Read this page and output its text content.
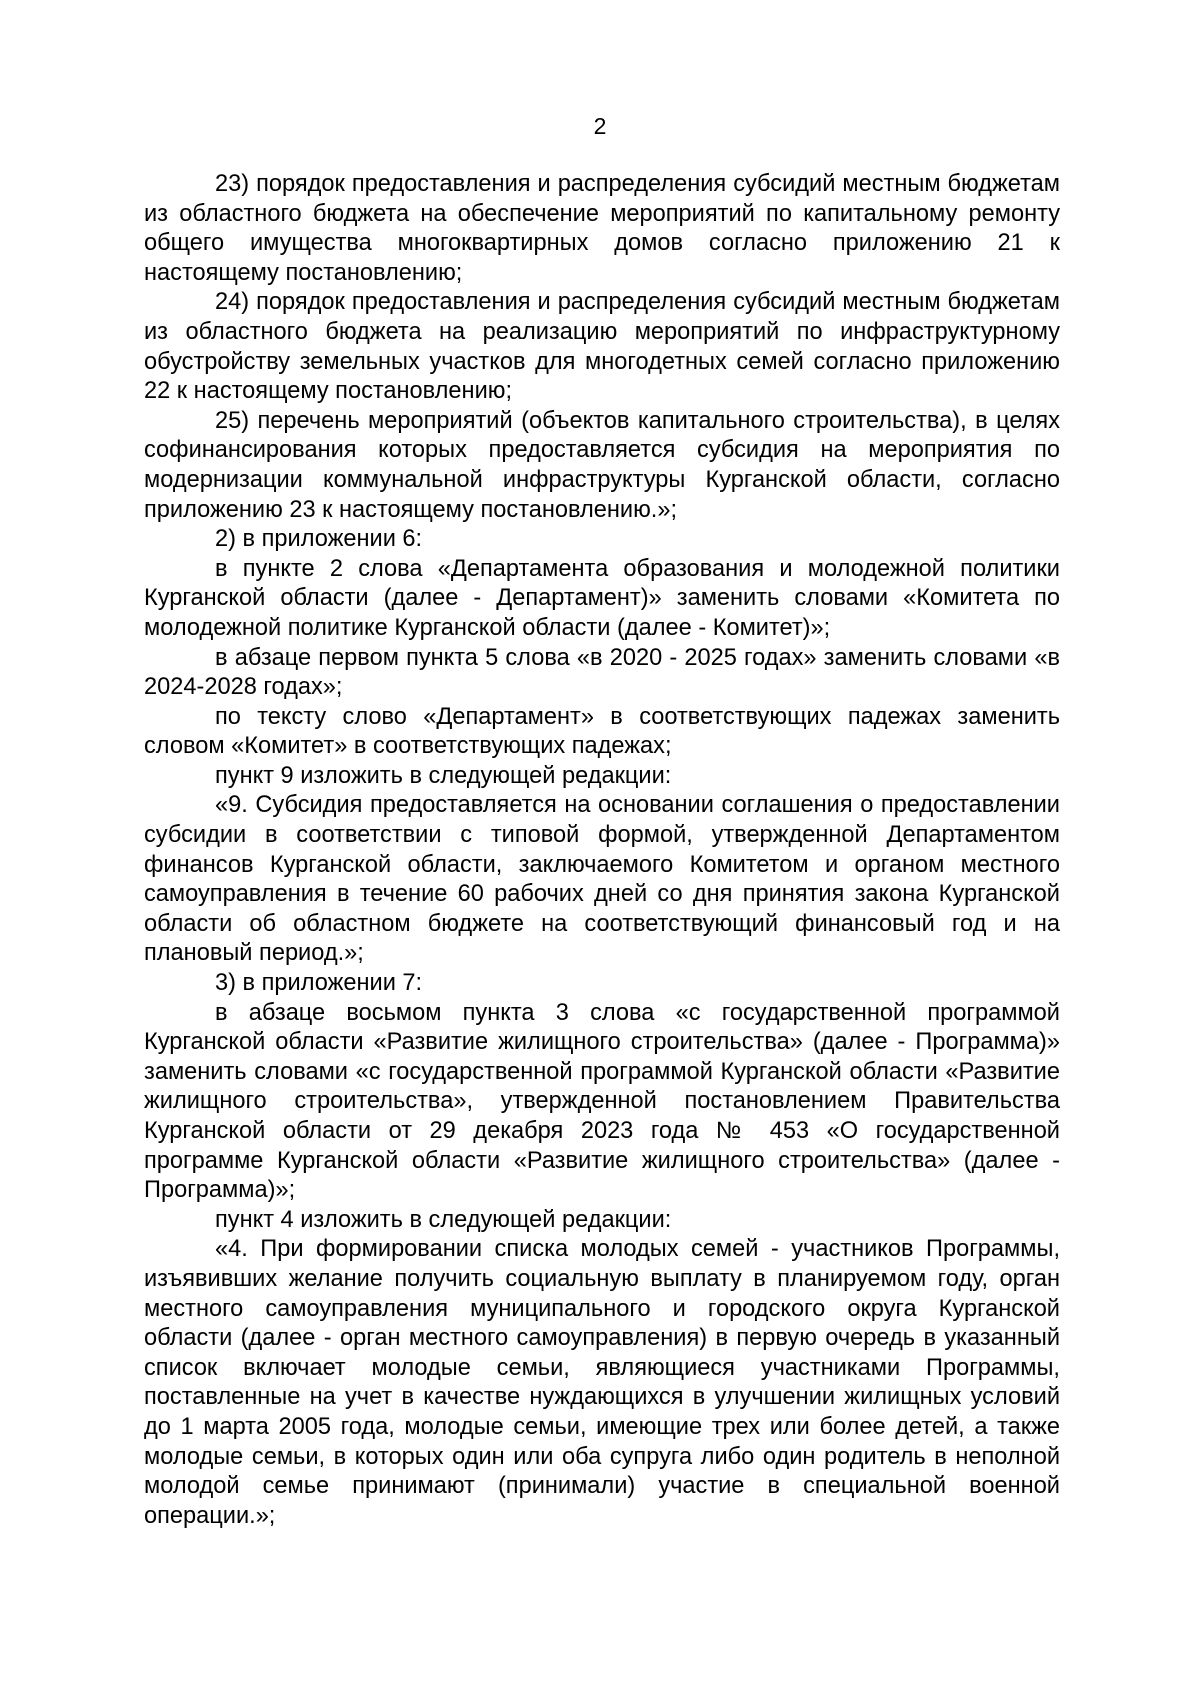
2

23) порядок предоставления и распределения субсидий местным бюджетам из областного бюджета на обеспечение мероприятий по капитальному ремонту общего имущества многоквартирных домов согласно приложению 21 к настоящему постановлению;

24) порядок предоставления и распределения субсидий местным бюджетам из областного бюджета на реализацию мероприятий по инфраструктурному обустройству земельных участков для многодетных семей согласно приложению 22 к настоящему постановлению;

25) перечень мероприятий (объектов капитального строительства), в целях софинансирования которых предоставляется субсидия на мероприятия по модернизации коммунальной инфраструктуры Курганской области, согласно приложению 23 к настоящему постановлению.»;

2) в приложении 6:

в пункте 2 слова «Департамента образования и молодежной политики Курганской области (далее - Департамент)» заменить словами «Комитета по молодежной политике Курганской области (далее - Комитет)»;

в абзаце первом пункта 5 слова «в 2020 - 2025 годах» заменить словами «в 2024-2028 годах»;

по тексту слово «Департамент» в соответствующих падежах заменить словом «Комитет» в соответствующих падежах;

пункт 9 изложить в следующей редакции:

«9. Субсидия предоставляется на основании соглашения о предоставлении субсидии в соответствии с типовой формой, утвержденной Департаментом финансов Курганской области, заключаемого Комитетом и органом местного самоуправления в течение 60 рабочих дней со дня принятия закона Курганской области об областном бюджете на соответствующий финансовый год и на плановый период.»;

3) в приложении 7:

в абзаце восьмом пункта 3 слова «с государственной программой Курганской области «Развитие жилищного строительства» (далее - Программа)» заменить словами «с государственной программой Курганской области «Развитие жилищного строительства», утвержденной постановлением Правительства Курганской области от 29 декабря 2023 года № 453 «О государственной программе Курганской области «Развитие жилищного строительства» (далее - Программа)»;

пункт 4 изложить в следующей редакции:

«4. При формировании списка молодых семей - участников Программы, изъявивших желание получить социальную выплату в планируемом году, орган местного самоуправления муниципального и городского округа Курганской области (далее - орган местного самоуправления) в первую очередь в указанный список включает молодые семьи, являющиеся участниками Программы, поставленные на учет в качестве нуждающихся в улучшении жилищных условий до 1 марта 2005 года, молодые семьи, имеющие трех или более детей, а также молодые семьи, в которых один или оба супруга либо один родитель в неполной молодой семье принимают (принимали) участие в специальной военной операции.»;
